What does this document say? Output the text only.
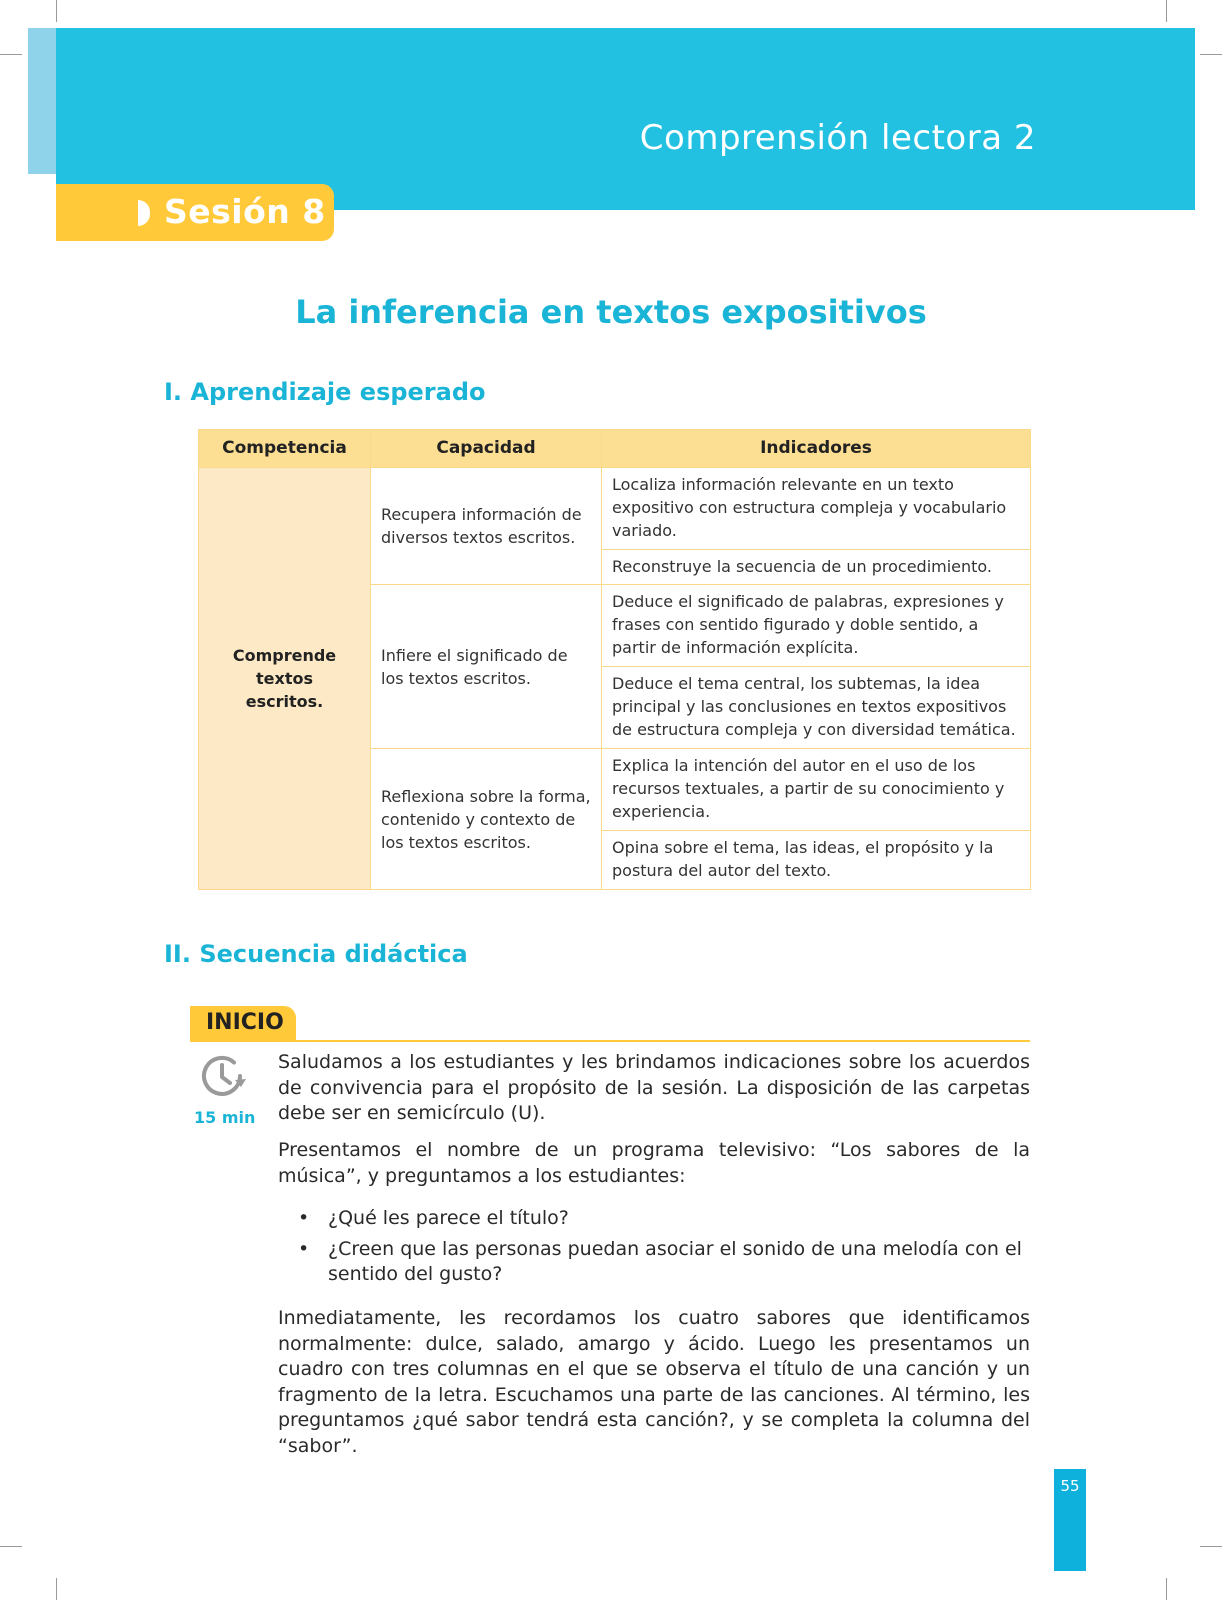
Comprensión lectora 2
Sesión 8
La inferencia en textos expositivos
I. Aprendizaje esperado
Competencia	Capacidad	Indicadores
Comprende textos escritos.	Recupera información de diversos textos escritos.	Localiza información relevante en un texto expositivo con estructura compleja y vocabulario variado.
		Reconstruye la secuencia de un procedimiento.
	Infiere el significado de los textos escritos.	Deduce el significado de palabras, expresiones y frases con sentido figurado y doble sentido, a partir de información explícita.
		Deduce el tema central, los subtemas, la idea principal y las conclusiones en textos expositivos de estructura compleja y con diversidad temática.
	Reflexiona sobre la forma, contenido y contexto de los textos escritos.	Explica la intención del autor en el uso de los recursos textuales, a partir de su conocimiento y experiencia.
		Opina sobre el tema, las ideas, el propósito y la postura del autor del texto.
II. Secuencia didáctica
INICIO
15 min

Saludamos a los estudiantes y les brindamos indicaciones sobre los acuerdos de convivencia para el propósito de la sesión. La disposición de las carpetas debe ser en semicírculo (U).

Presentamos el nombre de un programa televisivo: “Los sabores de la música”, y preguntamos a los estudiantes:

• ¿Qué les parece el título?
• ¿Creen que las personas puedan asociar el sonido de una melodía con el sentido del gusto?

Inmediatamente, les recordamos los cuatro sabores que identificamos normalmente: dulce, salado, amargo y ácido. Luego les presentamos un cuadro con tres columnas en el que se observa el título de una canción y un fragmento de la letra. Escuchamos una parte de las canciones. Al término, les preguntamos ¿qué sabor tendrá esta canción?, y se completa la columna del “sabor”.

55
